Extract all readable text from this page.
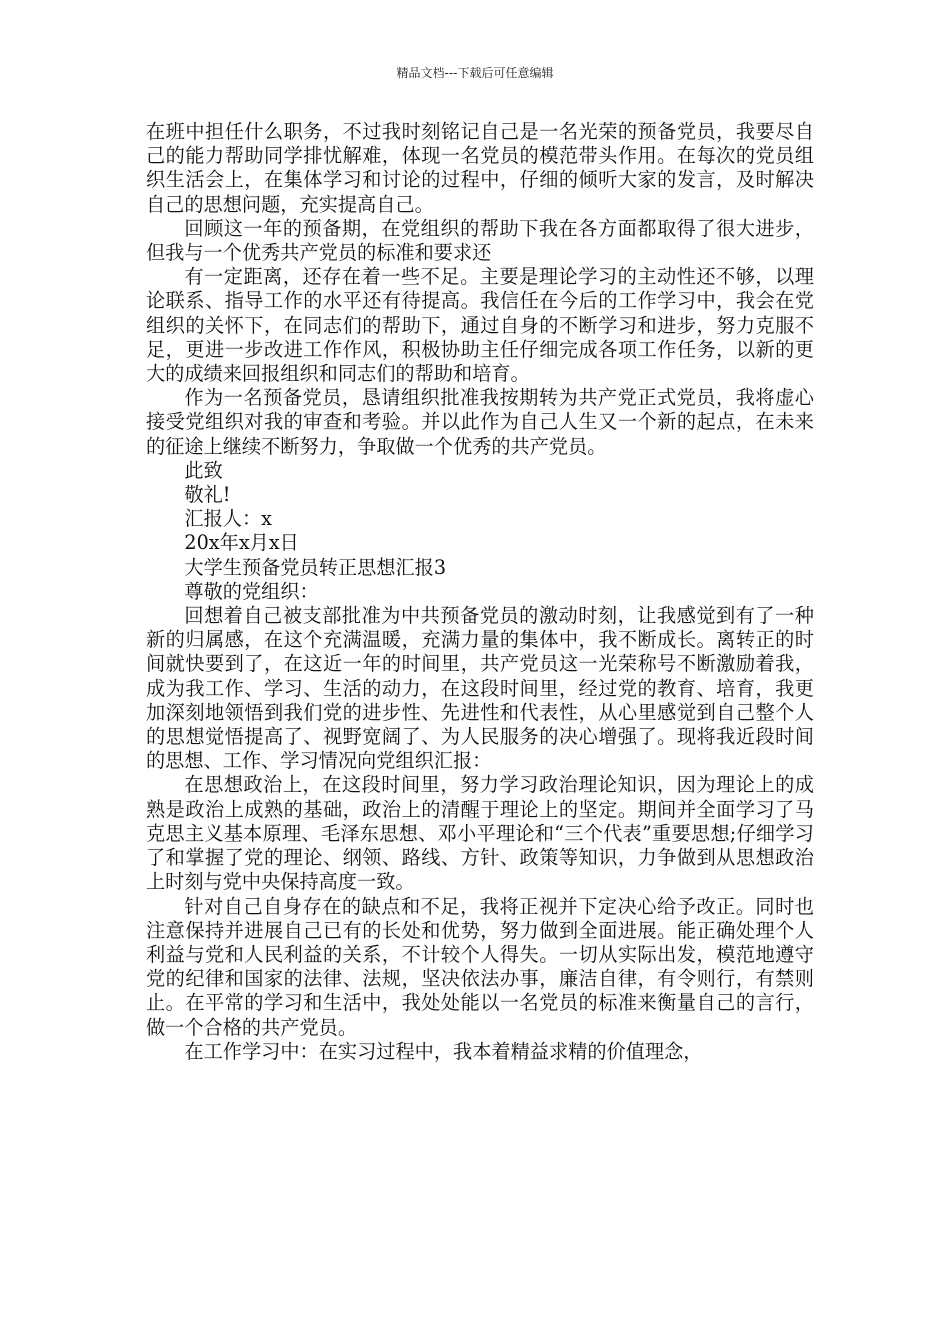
精品文档---下载后可任意编辑

在班中担任什么职务，不过我时刻铭记自己是一名光荣的预备党员，我要尽自己的能力帮助同学排忧解难，体现一名党员的模范带头作用。在每次的党员组织生活会上，在集体学习和讨论的过程中，仔细的倾听大家的发言，及时解决自己的思想问题，充实提高自己。

回顾这一年的预备期，在党组织的帮助下我在各方面都取得了很大进步，但我与一个优秀共产党员的标准和要求还

有一定距离，还存在着一些不足。主要是理论学习的主动性还不够，以理论联系、指导工作的水平还有待提高。我信任在今后的工作学习中，我会在党组织的关怀下，在同志们的帮助下，通过自身的不断学习和进步，努力克服不足，更进一步改进工作作风，积极协助主任仔细完成各项工作任务，以新的更大的成绩来回报组织和同志们的帮助和培育。

作为一名预备党员，恳请组织批准我按期转为共产党正式党员，我将虚心接受党组织对我的审查和考验。并以此作为自己人生又一个新的起点，在未来的征途上继续不断努力，争取做一个优秀的共产党员。

此致

敬礼!

汇报人：x

20x年x月x日

大学生预备党员转正思想汇报3

尊敬的党组织：

回想着自己被支部批准为中共预备党员的激动时刻，让我感觉到有了一种新的归属感，在这个充满温暖，充满力量的集体中，我不断成长。离转正的时间就快要到了，在这近一年的时间里，共产党员这一光荣称号不断激励着我，成为我工作、学习、生活的动力，在这段时间里，经过党的教育、培育，我更加深刻地领悟到我们党的进步性、先进性和代表性，从心里感觉到自己整个人的思想觉悟提高了、视野宽阔了、为人民服务的决心增强了。现将我近段时间的思想、工作、学习情况向党组织汇报：

在思想政治上，在这段时间里，努力学习政治理论知识，因为理论上的成熟是政治上成熟的基础，政治上的清醒于理论上的坚定。期间并全面学习了马克思主义基本原理、毛泽东思想、邓小平理论和“三个代表”重要思想;仔细学习了和掌握了党的理论、纲领、路线、方针、政策等知识，力争做到从思想政治上时刻与党中央保持高度一致。

针对自己自身存在的缺点和不足，我将正视并下定决心给予改正。同时也注意保持并进展自己已有的长处和优势，努力做到全面进展。能正确处理个人利益与党和人民利益的关系，不计较个人得失。一切从实际出发，模范地遵守党的纪律和国家的法律、法规，坚决依法办事，廉洁自律，有令则行，有禁则止。在平常的学习和生活中，我处处能以一名党员的标准来衡量自己的言行，做一个合格的共产党员。

在工作学习中：在实习过程中，我本着精益求精的价值理念，
